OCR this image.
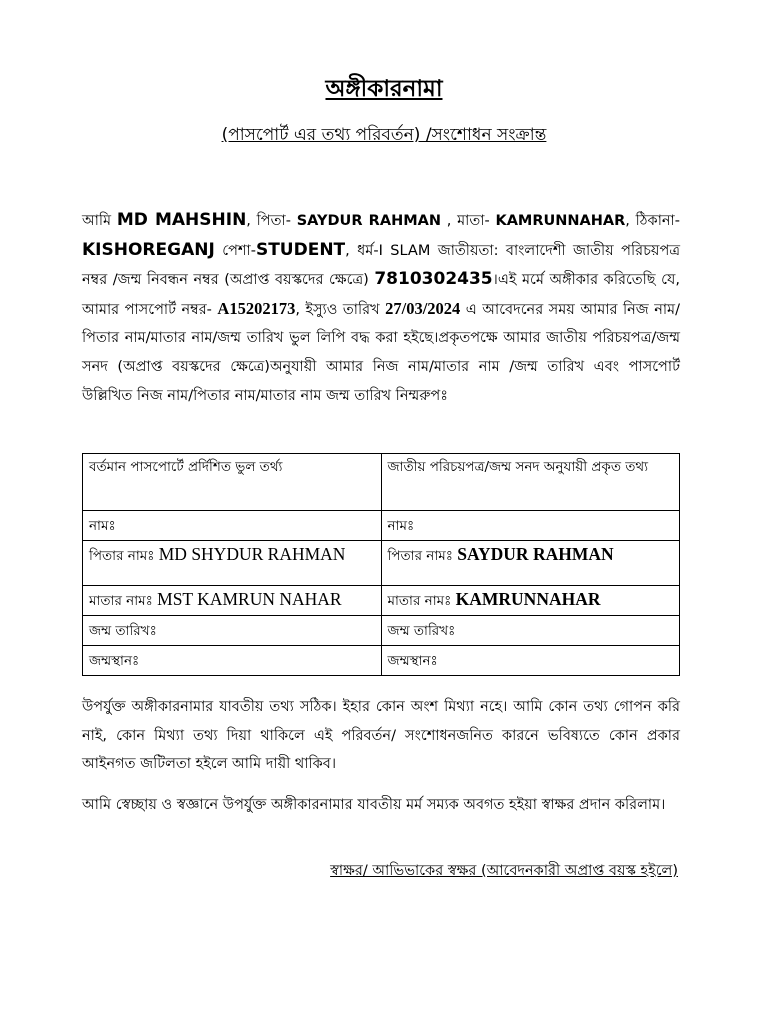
অঙ্গীকারনামা
(পাসপোর্ট এর তথ্য পরিবর্তন) /সংশোধন সংক্রান্ত
আমি MD MAHSHIN, পিতা- SAYDUR RAHMAN , মাতা- KAMRUNNAHAR, ঠিকানা-KISHOREGANJ পেশা-STUDENT, ধর্ম-I SLAM জাতীয়তা: বাংলাদেশী জাতীয় পরিচয়পত্র নম্বর /জম্ম নিবন্ধন নম্বর (অপ্রাপ্ত বয়স্কদের ক্ষেত্রে) 7810302435।এই মর্মে অঙ্গীকার করিতেছি যে, আমার পাসপোর্ট নম্বর- A15202173, ইস্যুও তারিখ 27/03/2024 এ আবেদনের সময় আমার নিজ নাম/পিতার নাম/মাতার নাম/জম্ম তারিখ ভুল লিপি বদ্ধ করা হইছে।প্রকৃতপক্ষে আমার জাতীয় পরিচয়পত্র/জম্ম সনদ (অপ্রাপ্ত বয়স্কদের ক্ষেত্রে)অনুযায়ী আমার নিজ নাম/মাতার নাম /জম্ম তারিখ এবং পাসপোর্ট উল্লিখিত নিজ নাম/পিতার নাম/মাতার নাম জম্ম তারিখ নিম্মরুপঃ
বর্তমান পাসপোর্টে প্রর্দিশিত ভুল তর্থ্য	জাতীয় পরিচয়পত্র/জম্ম সনদ অনুযায়ী প্রকৃত তথ্য
নামঃ	নামঃ
পিতার নামঃ MD SHYDUR RAHMAN	পিতার নামঃ SAYDUR RAHMAN
মাতার নামঃ MST KAMRUN NAHAR	মাতার নামঃ KAMRUNNAHAR
জম্ম তারিখঃ	জম্ম তারিখঃ
জম্মস্থানঃ	জম্মস্থানঃ
উপর্যুক্ত অঙ্গীকারনামার যাবতীয় তথ্য সঠিক। ইহার কোন অংশ মিথ্যা নহে। আমি কোন তথ্য গোপন করি নাই, কোন মিথ্যা তথ্য দিয়া থাকিলে এই পরিবর্তন/ সংশোধনজনিত কারনে ভবিষ্যতে কোন প্রকার আইনগত জটিলতা হইলে আমি দায়ী থাকিব।
আমি স্বেচ্ছায় ও স্বজ্ঞানে উপর্যুক্ত অঙ্গীকারনামার যাবতীয় মর্ম সম্যক অবগত হইয়া স্বাক্ষর প্রদান করিলাম।
স্বাক্ষর/ আভিভাকের স্বক্ষর (আবেদনকারী অপ্রাপ্ত বয়স্ক হইলে)
